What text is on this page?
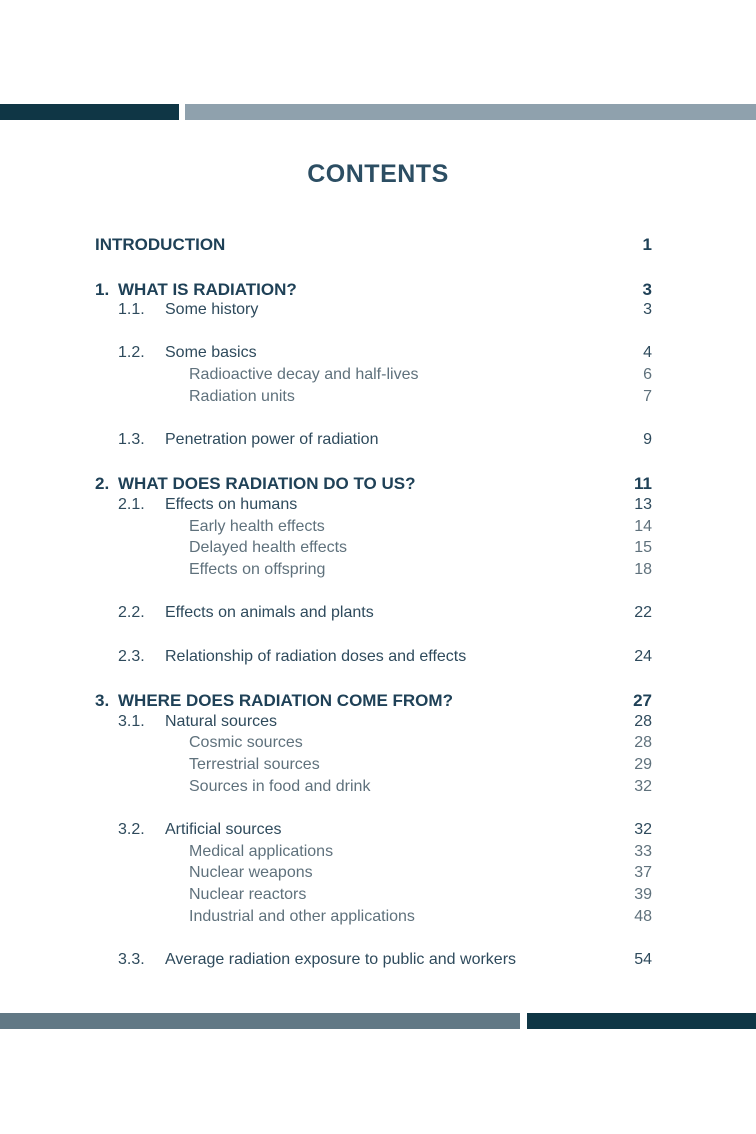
CONTENTS
INTRODUCTION	1
1. WHAT IS RADIATION?	3
1.1.	Some history	3
1.2.	Some basics	4
Radioactive decay and half-lives	6
Radiation units	7
1.3.	Penetration power of radiation	9
2. WHAT DOES RADIATION DO TO US?	11
2.1.	Effects on humans	13
Early health effects	14
Delayed health effects	15
Effects on offspring	18
2.2.	Effects on animals and plants	22
2.3.	Relationship of radiation doses and effects	24
3. WHERE DOES RADIATION COME FROM?	27
3.1.	Natural sources	28
Cosmic sources	28
Terrestrial sources	29
Sources in food and drink	32
3.2.	Artificial sources	32
Medical applications	33
Nuclear weapons	37
Nuclear reactors	39
Industrial and other applications	48
3.3.	Average radiation exposure to public and workers	54
